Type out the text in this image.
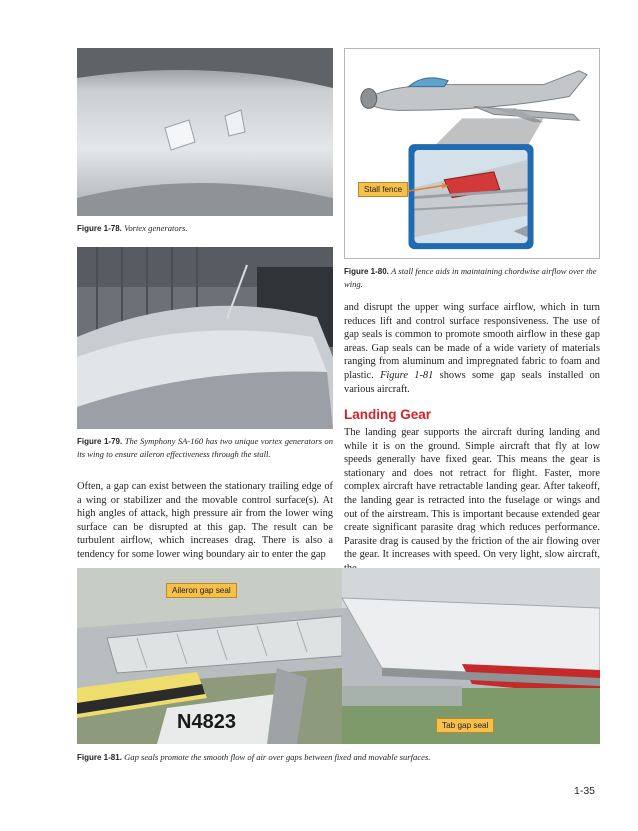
Figure 1-78. Vortex generators.
Figure 1-79. The Symphony SA-160 has two unique vortex generators on its wing to ensure aileron effectiveness through the stall.
Often, a gap can exist between the stationary trailing edge of a wing or stabilizer and the movable control surface(s). At high angles of attack, high pressure air from the lower wing surface can be disrupted at this gap. The result can be turbulent airflow, which increases drag. There is also a tendency for some lower wing boundary air to enter the gap
Stall fence
Figure 1-80. A stall fence aids in maintaining chordwise airflow over the wing.
and disrupt the upper wing surface airflow, which in turn reduces lift and control surface responsiveness. The use of gap seals is common to promote smooth airflow in these gap areas. Gap seals can be made of a wide variety of materials ranging from aluminum and impregnated fabric to foam and plastic. Figure 1-81 shows some gap seals installed on various aircraft.
Landing Gear
The landing gear supports the aircraft during landing and while it is on the ground. Simple aircraft that fly at low speeds generally have fixed gear. This means the gear is stationary and does not retract for flight. Faster, more complex aircraft have retractable landing gear. After takeoff, the landing gear is retracted into the fuselage or wings and out of the airstream. This is important because extended gear create significant parasite drag which reduces performance. Parasite drag is caused by the friction of the air flowing over the gear. It increases with speed. On very light, slow aircraft,
N4823
Aileron gap seal
Tab gap seal
Figure 1-81. Gap seals promote the smooth flow of air over gaps between fixed and movable surfaces.
1-35
